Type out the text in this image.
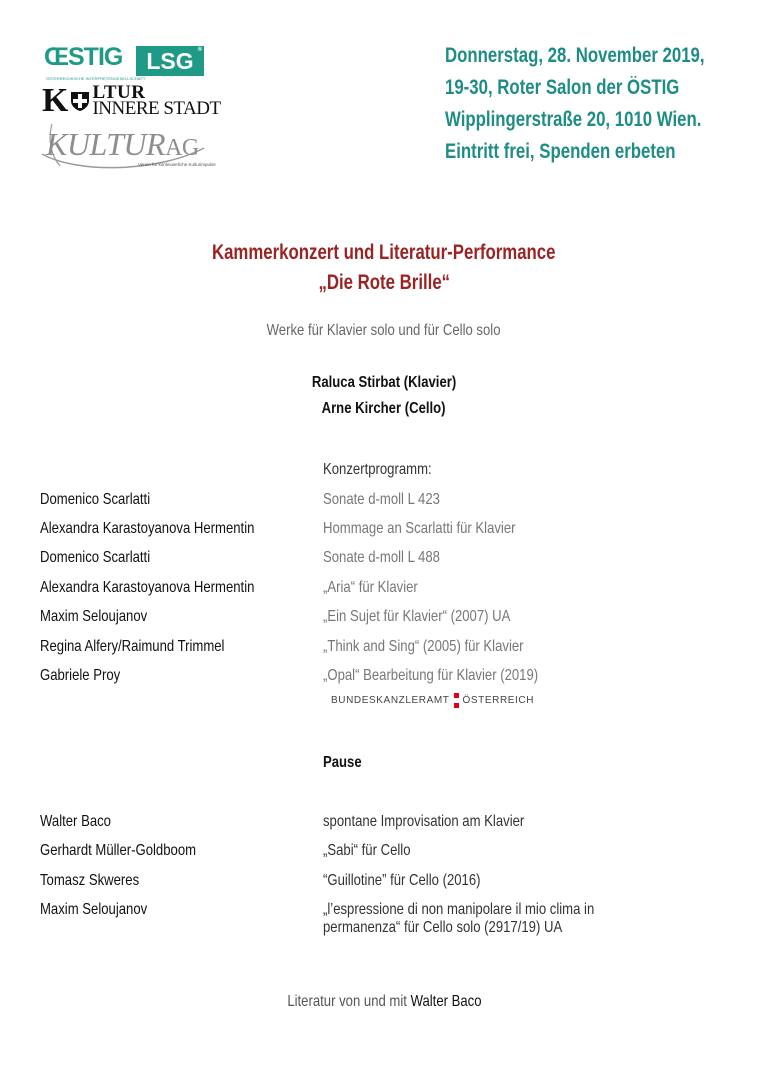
ŒSTIG
ÖSTERREICHISCHE INTERPRETENGESELLSCHAFT
LSG ®
K LTUR
INNERE STADT
KULTURAG
Verein für kontinuierliche Kulturimpulse
Donnerstag, 28. November 2019,
19-30, Roter Salon der ÖSTIG
Wipplingerstraße 20, 1010 Wien.
Eintritt frei, Spenden erbeten
Kammerkonzert und Literatur-Performance
„Die Rote Brille“
Werke für Klavier solo und für Cello solo
Raluca Stirbat (Klavier)
Arne Kircher (Cello)
Konzertprogramm:
Domenico Scarlatti	Sonate d-moll L 423
Alexandra Karastoyanova Hermentin	Hommage an Scarlatti für Klavier
Domenico Scarlatti	Sonate d-moll L 488
Alexandra Karastoyanova Hermentin	„Aria“ für Klavier
Maxim Seloujanov	„Ein Sujet für Klavier“ (2007) UA
Regina Alfery/Raimund Trimmel	„Think and Sing“ (2005) für Klavier
Gabriele Proy	„Opal“ Bearbeitung für Klavier (2019)
BUNDESKANZLERAMT ÖSTERREICH
Pause
Walter Baco	spontane Improvisation am Klavier
Gerhardt Müller-Goldboom	„Sabi“ für Cello
Tomasz Skweres	“Guillotine” für Cello (2016)
Maxim Seloujanov	„l’espressione di non manipolare il mio clima in
permanenza“ für Cello solo (2917/19) UA
Literatur von und mit Walter Baco
